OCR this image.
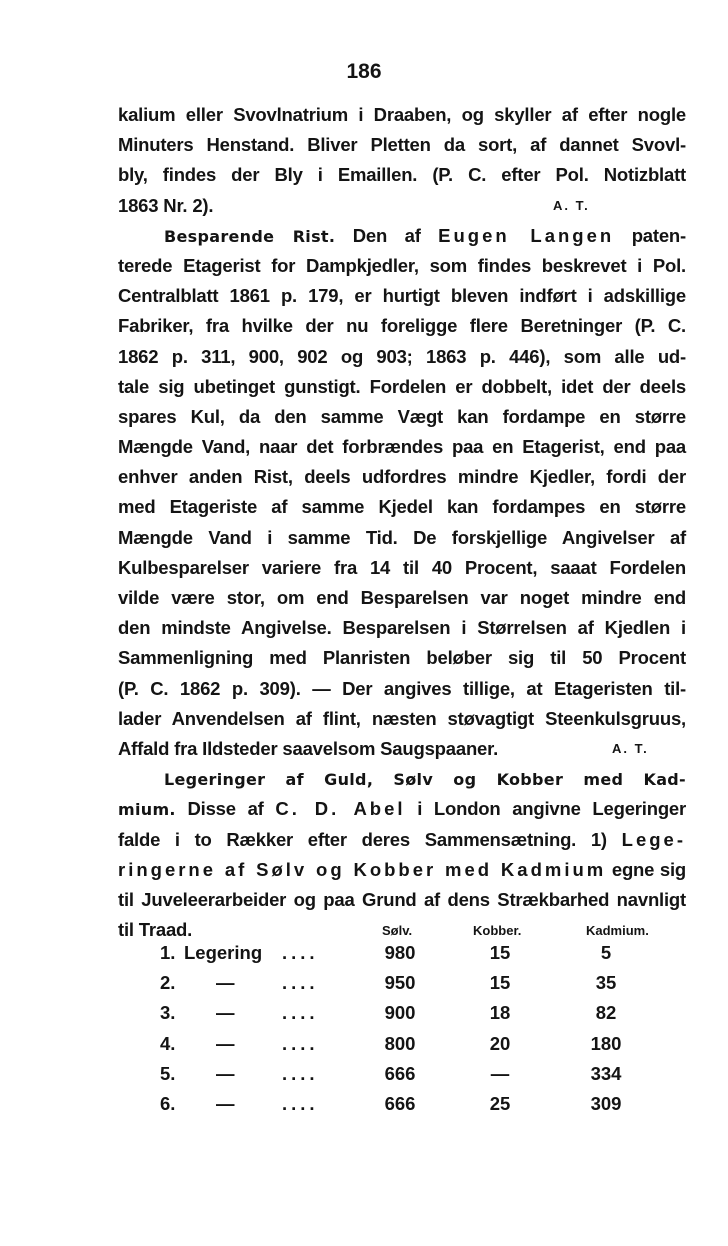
186
kalium eller Svovlnatrium i Draaben, og skyller af efter nogle
Minuters Henstand. Bliver Pletten da sort, af dannet Svovl-
bly, findes der Bly i Emaillen. (P. C. efter Pol. Notizblatt
1863 Nr. 2).	A. T.
Besparende Rist. Den af Eugen Langen paten-
terede Etagerist for Dampkjedler, som findes beskrevet i Pol.
Centralblatt 1861 p. 179, er hurtigt bleven indført i adskillige
Fabriker, fra hvilke der nu foreligge flere Beretninger (P. C.
1862 p. 311, 900, 902 og 903; 1863 p. 446), som alle ud-
tale sig ubetinget gunstigt. Fordelen er dobbelt, idet der deels
spares Kul, da den samme Vægt kan fordampe en større
Mængde Vand, naar det forbrændes paa en Etagerist, end paa
enhver anden Rist, deels udfordres mindre Kjedler, fordi der
med Etageriste af samme Kjedel kan fordampes en større
Mængde Vand i samme Tid. De forskjellige Angivelser af
Kulbesparelser variere fra 14 til 40 Procent, saaat Fordelen
vilde være stor, om end Besparelsen var noget mindre end
den mindste Angivelse. Besparelsen i Størrelsen af Kjedlen i
Sammenligning med Planristen beløber sig til 50 Procent
(P. C. 1862 p. 309). — Der angives tillige, at Etageristen til-
lader Anvendelsen af flint, næsten støvagtigt Steenkulsgruus,
Affald fra Ildsteder saavelsom Saugspaaner.	A. T.
Legeringer af Guld, Sølv og Kobber med Kad-
mium. Disse af C. D. Abel i London angivne Legeringer
falde i to Rækker efter deres Sammensætning. 1) Lege-
ringerne af Sølv og Kobber med Kadmium egne sig
til Juveleerarbeider og paa Grund af dens Strækbarhed navnligt
til Traad.	Sølv.	Kobber.	Kadmium.
1. Legering ....	980	15	5
2. —	....	950	15	35
3. —	....	900	18	82
4. —	....	800	20	180
5. —	....	666	—	334
6. —	....	666	25	309
